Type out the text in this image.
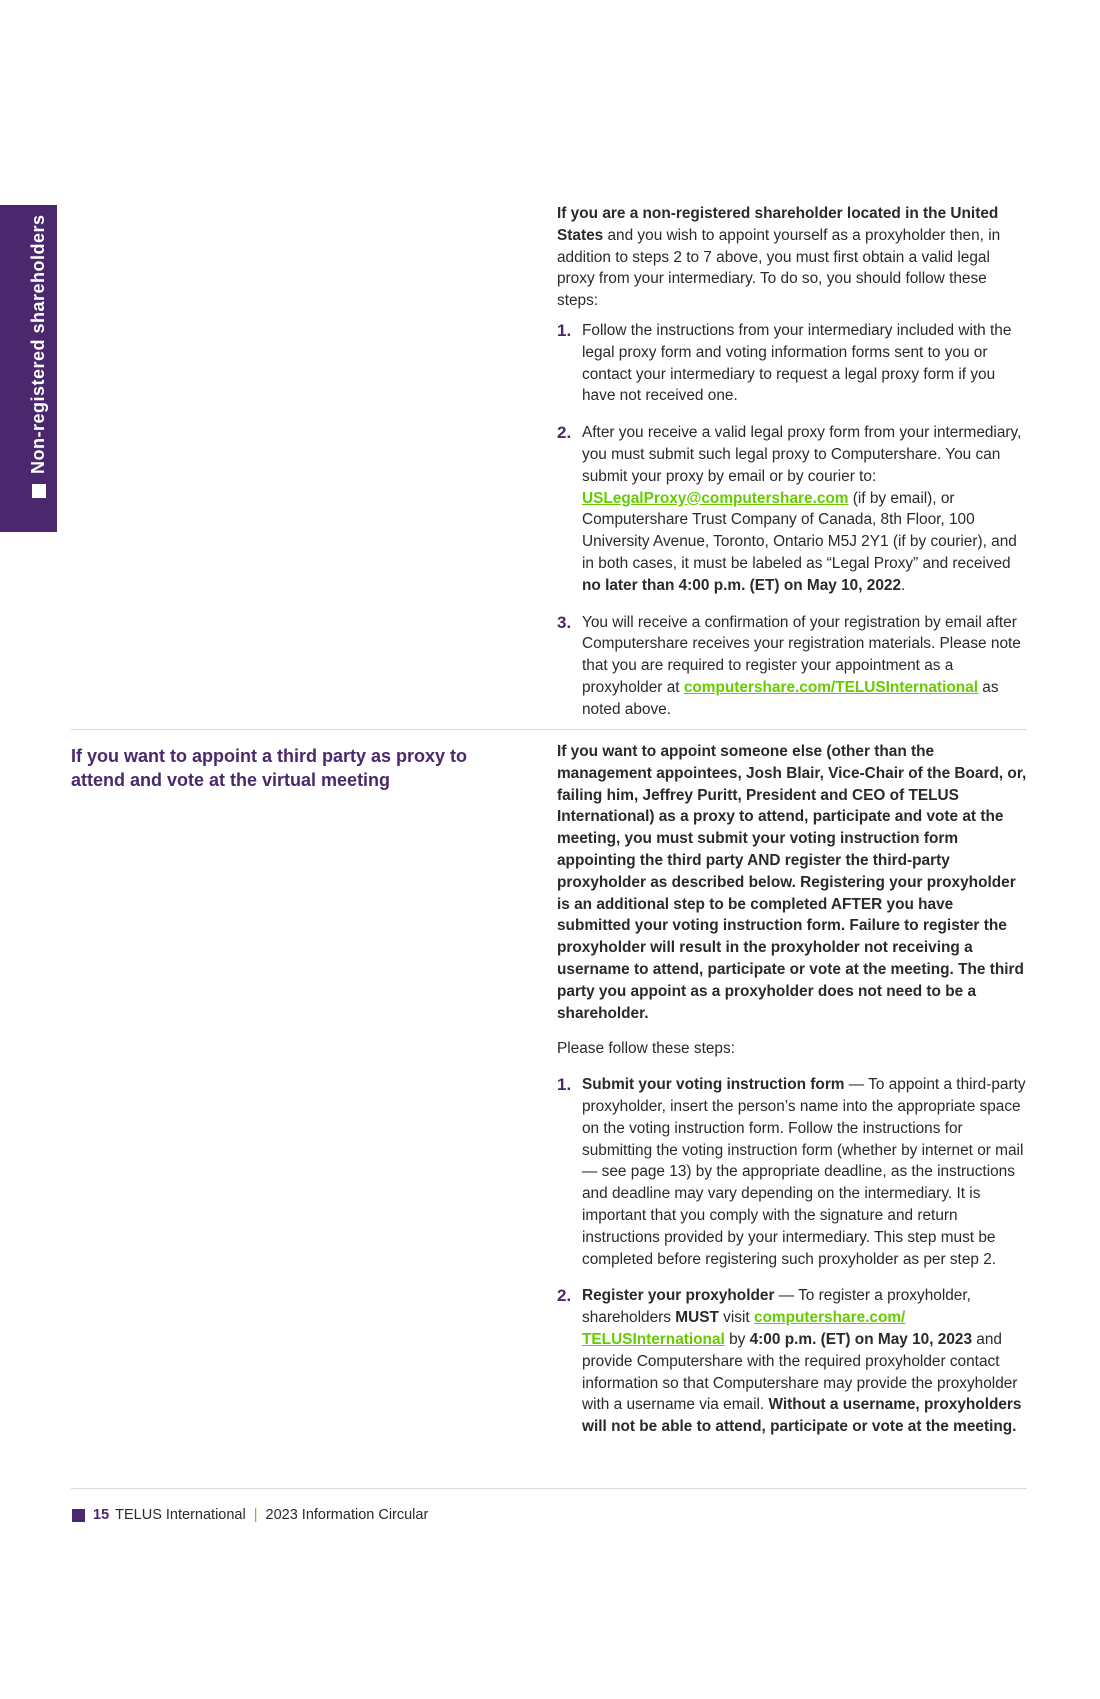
Non-registered shareholders

If you are a non-registered shareholder located in the United States and you wish to appoint yourself as a proxyholder then, in addition to steps 2 to 7 above, you must first obtain a valid legal proxy from your intermediary. To do so, you should follow these steps:

1. Follow the instructions from your intermediary included with the legal proxy form and voting information forms sent to you or contact your intermediary to request a legal proxy form if you have not received one.
2. After you receive a valid legal proxy form from your intermediary, you must submit such legal proxy to Computershare. You can submit your proxy by email or by courier to: USLegalProxy@computershare.com (if by email), or Computershare Trust Company of Canada, 8th Floor, 100 University Avenue, Toronto, Ontario M5J 2Y1 (if by courier), and in both cases, it must be labeled as “Legal Proxy” and received no later than 4:00 p.m. (ET) on May 10, 2022.
3. You will receive a confirmation of your registration by email after Computershare receives your registration materials. Please note that you are required to register your appointment as a proxyholder at computershare.com/TELUSInternational as noted above.
If you want to appoint a third party as proxy to attend and vote at the virtual meeting

If you want to appoint someone else (other than the management appointees, Josh Blair, Vice-Chair of the Board, or, failing him, Jeffrey Puritt, President and CEO of TELUS International) as a proxy to attend, participate and vote at the meeting, you must submit your voting instruction form appointing the third party AND register the third-party proxyholder as described below. Registering your proxyholder is an additional step to be completed AFTER you have submitted your voting instruction form. Failure to register the proxyholder will result in the proxyholder not receiving a username to attend, participate or vote at the meeting. The third party you appoint as a proxyholder does not need to be a shareholder.

Please follow these steps:

1. Submit your voting instruction form — To appoint a third-party proxyholder, insert the person’s name into the appropriate space on the voting instruction form. Follow the instructions for submitting the voting instruction form (whether by internet or mail — see page 13) by the appropriate deadline, as the instructions and deadline may vary depending on the intermediary. It is important that you comply with the signature and return instructions provided by your intermediary. This step must be completed before registering such proxyholder as per step 2.
2. Register your proxyholder — To register a proxyholder, shareholders MUST visit computershare.com/ TELUSInternational by 4:00 p.m. (ET) on May 10, 2023 and provide Computershare with the required proxyholder contact information so that Computershare may provide the proxyholder with a username via email. Without a username, proxyholders will not be able to attend, participate or vote at the meeting.
15 TELUS International | 2023 Information Circular
